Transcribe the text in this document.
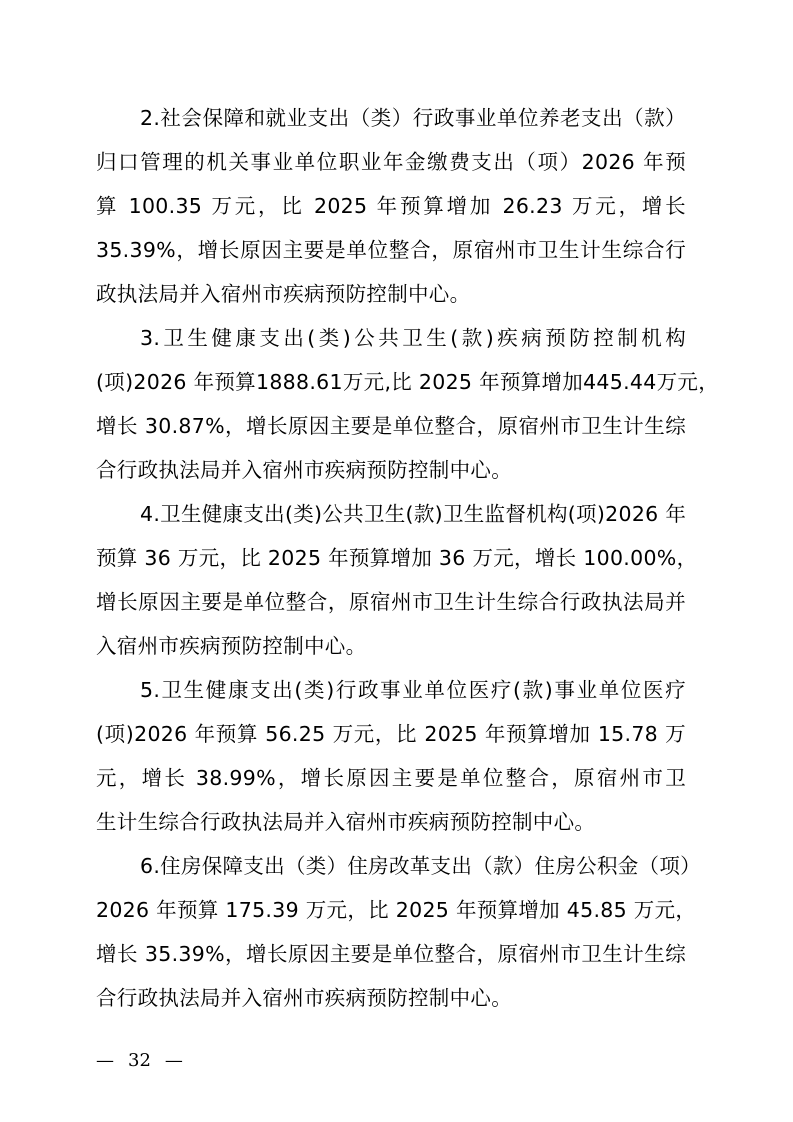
2.社会保障和就业支出（类）行政事业单位养老支出（款）
归口管理的机关事业单位职业年金缴费支出（项）2026 年预
算 100.35 万元，比 2025 年预算增加 26.23 万元，增长
35.39%，增长原因主要是单位整合，原宿州市卫生计生综合行
政执法局并入宿州市疾病预防控制中心。
3.卫生健康支出(类)公共卫生(款)疾病预防控制机构
(项)2026 年预算1888.61万元,比 2025 年预算增加445.44万元，
增长 30.87%，增长原因主要是单位整合，原宿州市卫生计生综
合行政执法局并入宿州市疾病预防控制中心。
4.卫生健康支出(类)公共卫生(款)卫生监督机构(项)2026 年
预算 36 万元，比 2025 年预算增加 36 万元，增长 100.00%，
增长原因主要是单位整合，原宿州市卫生计生综合行政执法局并
入宿州市疾病预防控制中心。
5.卫生健康支出(类)行政事业单位医疗(款)事业单位医疗
(项)2026 年预算 56.25 万元，比 2025 年预算增加 15.78 万
元，增长 38.99%，增长原因主要是单位整合，原宿州市卫
生计生综合行政执法局并入宿州市疾病预防控制中心。
6.住房保障支出（类）住房改革支出（款）住房公积金（项）
2026 年预算 175.39 万元，比 2025 年预算增加 45.85 万元，
增长 35.39%，增长原因主要是单位整合，原宿州市卫生计生综
合行政执法局并入宿州市疾病预防控制中心。
— 32 —
